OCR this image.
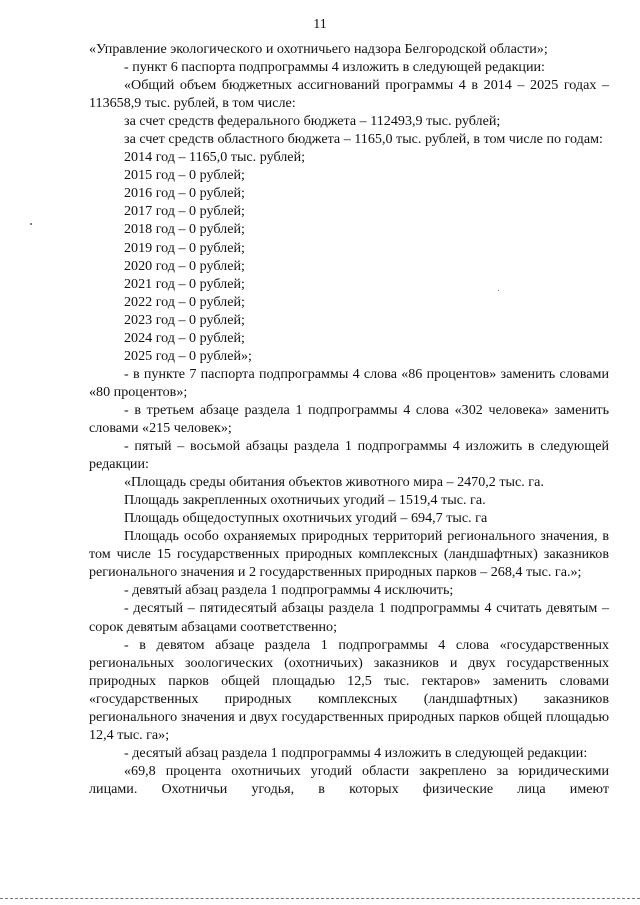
11

«Управление экологического и охотничьего надзора Белгородской области»;

- пункт 6 паспорта подпрограммы 4 изложить в следующей редакции:

«Общий объем бюджетных ассигнований программы 4 в 2014 – 2025 годах – 113658,9 тыс. рублей, в том числе:

за счет средств федерального бюджета – 112493,9 тыс. рублей;

за счет средств областного бюджета – 1165,0 тыс. рублей, в том числе по годам:

2014 год – 1165,0 тыс. рублей;

2015 год – 0 рублей;

2016 год – 0 рублей;

2017 год – 0 рублей;

2018 год – 0 рублей;

2019 год – 0 рублей;

2020 год – 0 рублей;

2021 год – 0 рублей;

2022 год – 0 рублей;

2023 год – 0 рублей;

2024 год – 0 рублей;

2025 год – 0 рублей»;

- в пункте 7 паспорта подпрограммы 4 слова «86 процентов» заменить словами «80 процентов»;

- в третьем абзаце раздела 1 подпрограммы 4 слова «302 человека» заменить словами «215 человек»;

- пятый – восьмой абзацы раздела 1 подпрограммы 4 изложить в следующей редакции:

«Площадь среды обитания объектов животного мира – 2470,2 тыс. га.

Площадь закрепленных охотничьих угодий – 1519,4 тыс. га.

Площадь общедоступных охотничьих угодий – 694,7 тыс. га

Площадь особо охраняемых природных территорий регионального значения, в том числе 15 государственных природных комплексных (ландшафтных) заказников регионального значения и 2 государственных природных парков – 268,4 тыс. га.»;

- девятый абзац раздела 1 подпрограммы 4 исключить;

- десятый – пятидесятый абзацы раздела 1 подпрограммы 4 считать девятым – сорок девятым абзацами соответственно;

- в девятом абзаце раздела 1 подпрограммы 4 слова «государственных региональных зоологических (охотничьих) заказников и двух государственных природных парков общей площадью 12,5 тыс. гектаров» заменить словами «государственных природных комплексных (ландшафтных) заказников регионального значения и двух государственных природных парков общей площадью 12,4 тыс. га»;

- десятый абзац раздела 1 подпрограммы 4 изложить в следующей редакции:

«69,8 процента охотничьих угодий области закреплено за юридическими лицами. Охотничьи угодья, в которых физические лица имеют
